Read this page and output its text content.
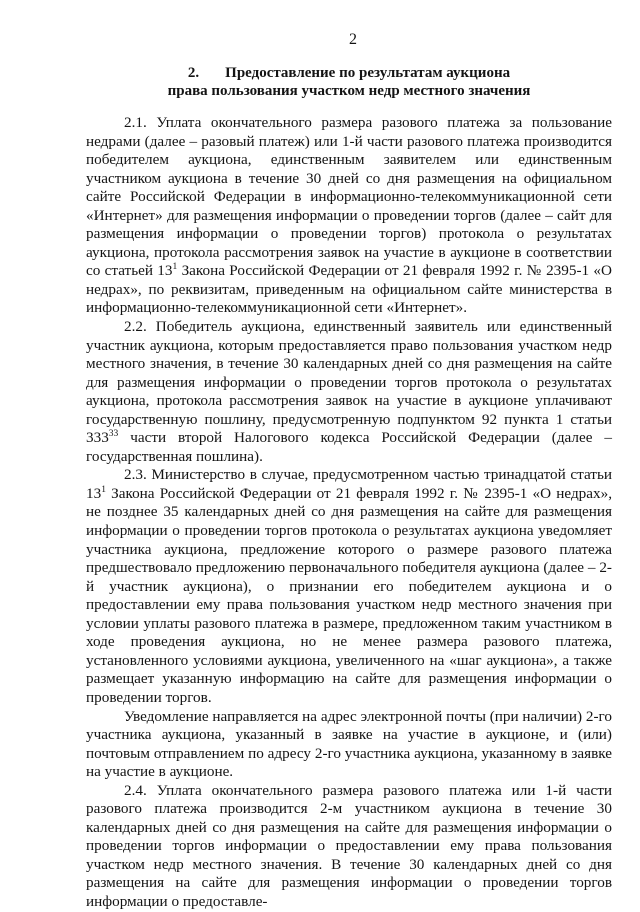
2
2. Предоставление по результатам аукциона
права пользования участком недр местного значения

2.1. Уплата окончательного размера разового платежа за пользование недрами (далее – разовый платеж) или 1-й части разового платежа производится победителем аукциона, единственным заявителем или единственным участником аукциона в течение 30 дней со дня размещения на официальном сайте Российской Федерации в информационно-телекоммуникационной сети «Интернет» для размещения информации о проведении торгов (далее – сайт для размещения информации о проведении торгов) протокола о результатах аукциона, протокола рассмотрения заявок на участие в аукционе в соответствии со статьей $13^1$ Закона Российской Федерации от 21 февраля 1992 г. № 2395-1 «О недрах», по реквизитам, приведенным на официальном сайте министерства в информационно-телекоммуникационной сети «Интернет».

2.2. Победитель аукциона, единственный заявитель или единственный участник аукциона, которым предоставляется право пользования участком недр местного значения, в течение 30 календарных дней со дня размещения на сайте для размещения информации о проведении торгов протокола о результатах аукциона, протокола рассмотрения заявок на участие в аукционе уплачивают государственную пошлину, предусмотренную подпунктом 92 пункта 1 статьи $333^{33}$ части второй Налогового кодекса Российской Федерации (далее – государственная пошлина).

2.3. Министерство в случае, предусмотренном частью тринадцатой статьи $13^1$ Закона Российской Федерации от 21 февраля 1992 г. № 2395-1 «О недрах», не позднее 35 календарных дней со дня размещения на сайте для размещения информации о проведении торгов протокола о результатах аукциона уведомляет участника аукциона, предложение которого о размере разового платежа предшествовало предложению первоначального победителя аукциона (далее – 2-й участник аукциона), о признании его победителем аукциона и о предоставлении ему права пользования участком недр местного значения при условии уплаты разового платежа в размере, предложенном таким участником в ходе проведения аукциона, но не менее размера разового платежа, установленного условиями аукциона, увеличенного на «шаг аукциона», а также размещает указанную информацию на сайте для размещения информации о проведении торгов.

Уведомление направляется на адрес электронной почты (при наличии) 2-го участника аукциона, указанный в заявке на участие в аукционе, и (или) почтовым отправлением по адресу 2-го участника аукциона, указанному в заявке на участие в аукционе.

2.4. Уплата окончательного размера разового платежа или 1-й части разового платежа производится 2-м участником аукциона в течение 30 календарных дней со дня размещения на сайте для размещения информации о проведении торгов информации о предоставлении ему права пользования участком недр местного значения. В течение 30 календарных дней со дня размещения на сайте для размещения информации о проведении торгов информации о предоставле-
